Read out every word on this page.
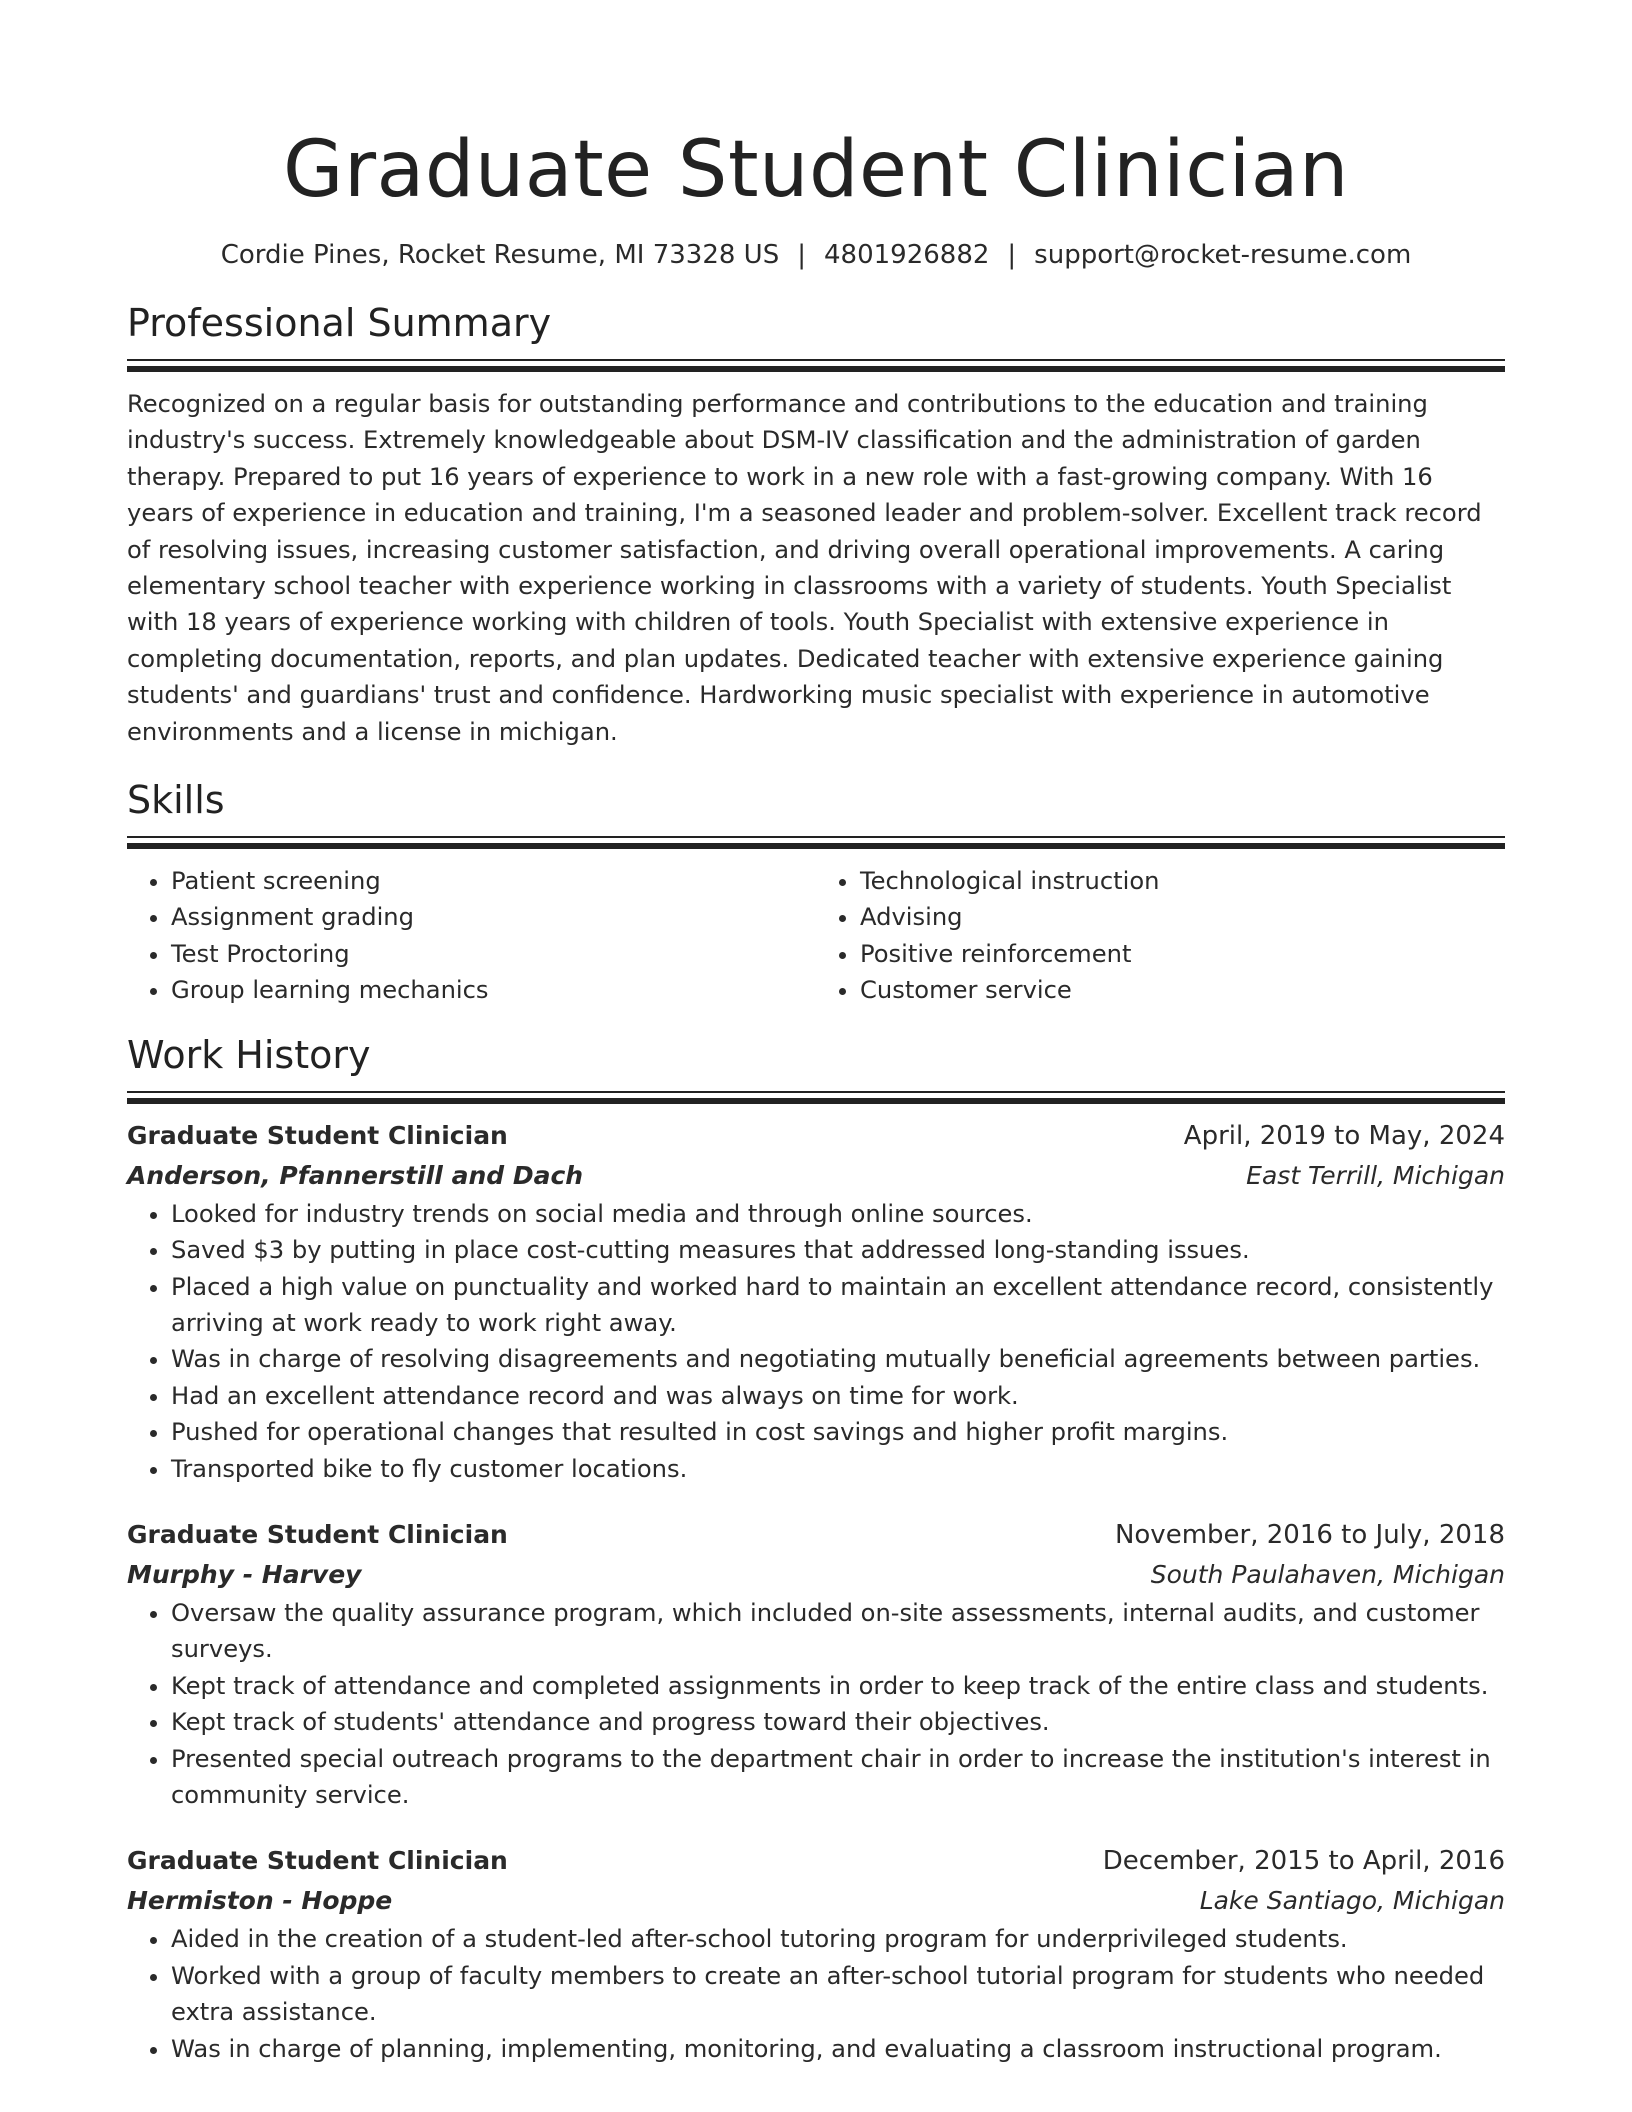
Graduate Student Clinician
Cordie Pines, Rocket Resume, MI 73328 US | 4801926882 | support@rocket-resume.com
Professional Summary
Recognized on a regular basis for outstanding performance and contributions to the education and training industry's success. Extremely knowledgeable about DSM-IV classification and the administration of garden therapy. Prepared to put 16 years of experience to work in a new role with a fast-growing company. With 16 years of experience in education and training, I'm a seasoned leader and problem-solver. Excellent track record of resolving issues, increasing customer satisfaction, and driving overall operational improvements. A caring elementary school teacher with experience working in classrooms with a variety of students. Youth Specialist with 18 years of experience working with children of tools. Youth Specialist with extensive experience in completing documentation, reports, and plan updates. Dedicated teacher with extensive experience gaining students' and guardians' trust and confidence. Hardworking music specialist with experience in automotive environments and a license in michigan.
Skills
• Patient screening
• Assignment grading
• Test Proctoring
• Group learning mechanics
• Technological instruction
• Advising
• Positive reinforcement
• Customer service
Work History
Graduate Student Clinician	April, 2019 to May, 2024
Anderson, Pfannerstill and Dach	East Terrill, Michigan
• Looked for industry trends on social media and through online sources.
• Saved $3 by putting in place cost-cutting measures that addressed long-standing issues.
• Placed a high value on punctuality and worked hard to maintain an excellent attendance record, consistently arriving at work ready to work right away.
• Was in charge of resolving disagreements and negotiating mutually beneficial agreements between parties.
• Had an excellent attendance record and was always on time for work.
• Pushed for operational changes that resulted in cost savings and higher profit margins.
• Transported bike to fly customer locations.
Graduate Student Clinician	November, 2016 to July, 2018
Murphy - Harvey	South Paulahaven, Michigan
• Oversaw the quality assurance program, which included on-site assessments, internal audits, and customer surveys.
• Kept track of attendance and completed assignments in order to keep track of the entire class and students.
• Kept track of students' attendance and progress toward their objectives.
• Presented special outreach programs to the department chair in order to increase the institution's interest in community service.
Graduate Student Clinician	December, 2015 to April, 2016
Hermiston - Hoppe	Lake Santiago, Michigan
• Aided in the creation of a student-led after-school tutoring program for underprivileged students.
• Worked with a group of faculty members to create an after-school tutorial program for students who needed extra assistance.
• Was in charge of planning, implementing, monitoring, and evaluating a classroom instructional program.
